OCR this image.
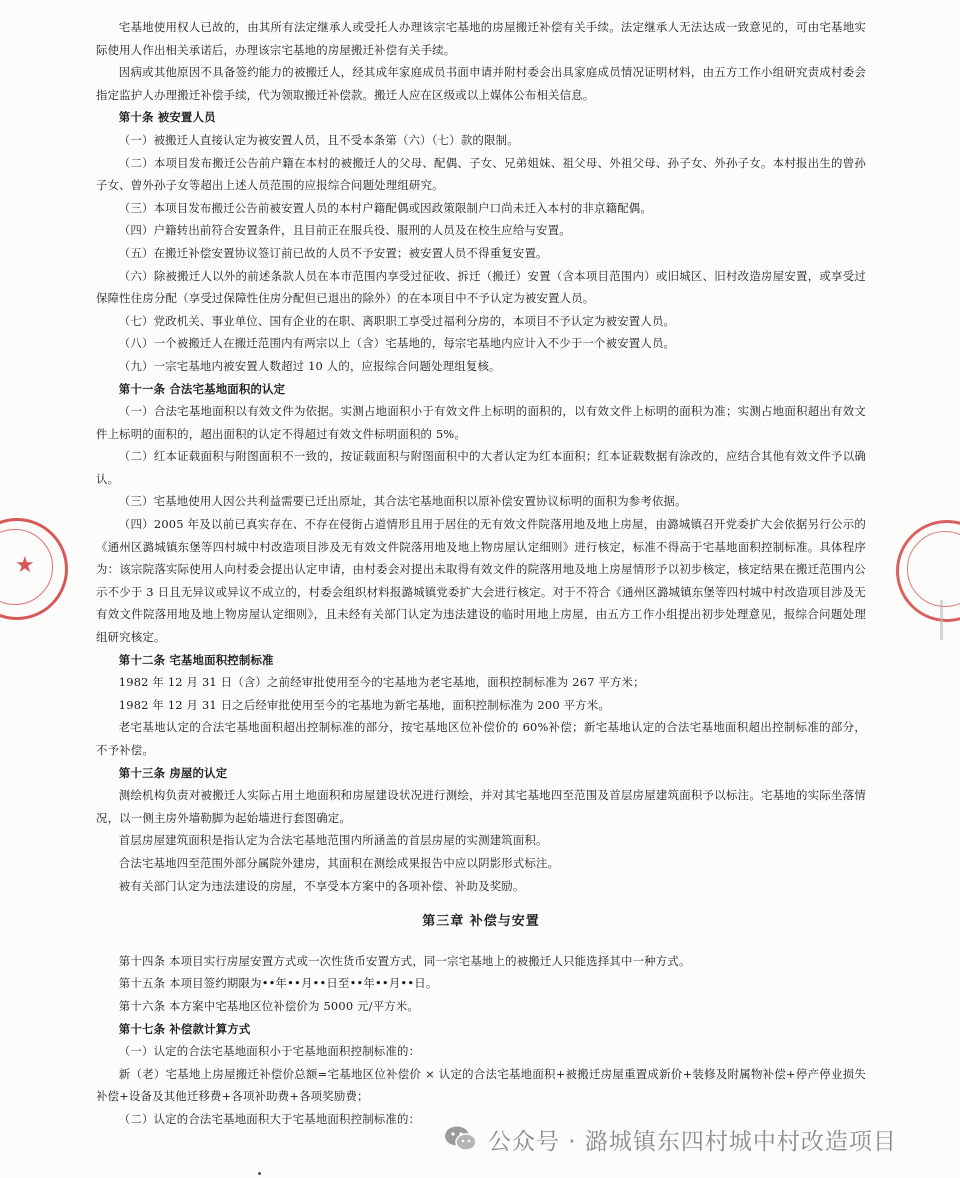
★

宅基地使用权人已故的，由其所有法定继承人或受托人办理该宗宅基地的房屋搬迁补偿有关手续。法定继承人无法达成一致意见的，可由宅基地实际使用人作出相关承诺后，办理该宗宅基地的房屋搬迁补偿有关手续。

因病或其他原因不具备签约能力的被搬迁人，经其成年家庭成员书面申请并附村委会出具家庭成员情况证明材料，由五方工作小组研究责成村委会指定监护人办理搬迁补偿手续，代为领取搬迁补偿款。搬迁人应在区级或以上媒体公布相关信息。

第十条 被安置人员

（一）被搬迁人直接认定为被安置人员，且不受本条第（六）（七）款的限制。

（二）本项目发布搬迁公告前户籍在本村的被搬迁人的父母、配偶、子女、兄弟姐妹、祖父母、外祖父母、孙子女、外孙子女。本村报出生的曾孙子女、曾外孙子女等超出上述人员范围的应报综合问题处理组研究。

（三）本项目发布搬迁公告前被安置人员的本村户籍配偶或因政策限制户口尚未迁入本村的非京籍配偶。

（四）户籍转出前符合安置条件，且目前正在服兵役、服刑的人员及在校生应给与安置。

（五）在搬迁补偿安置协议签订前已故的人员不予安置；被安置人员不得重复安置。

（六）除被搬迁人以外的前述条款人员在本市范围内享受过征收、拆迁（搬迁）安置（含本项目范围内）或旧城区、旧村改造房屋安置，或享受过保障性住房分配（享受过保障性住房分配但已退出的除外）的在本项目中不予认定为被安置人员。

（七）党政机关、事业单位、国有企业的在职、离职职工享受过福利分房的，本项目不予认定为被安置人员。

（八）一个被搬迁人在搬迁范围内有两宗以上（含）宅基地的，每宗宅基地内应计入不少于一个被安置人员。

（九）一宗宅基地内被安置人数超过 10 人的，应报综合问题处理组复核。

第十一条 合法宅基地面积的认定

（一）合法宅基地面积以有效文件为依据。实测占地面积小于有效文件上标明的面积的，以有效文件上标明的面积为准；实测占地面积超出有效文件上标明的面积的，超出面积的认定不得超过有效文件标明面积的 5%。

（二）红本证载面积与附图面积不一致的，按证载面积与附图面积中的大者认定为红本面积；红本证载数据有涂改的，应结合其他有效文件予以确认。

（三）宅基地使用人因公共利益需要已迁出原址，其合法宅基地面积以原补偿安置协议标明的面积为参考依据。

（四）2005 年及以前已真实存在、不存在侵街占道情形且用于居住的无有效文件院落用地及地上房屋，由潞城镇召开党委扩大会依据另行公示的《通州区潞城镇东堡等四村城中村改造项目涉及无有效文件院落用地及地上物房屋认定细则》进行核定，标准不得高于宅基地面积控制标准。具体程序为：该宗院落实际使用人向村委会提出认定申请，由村委会对提出未取得有效文件的院落用地及地上房屋情形予以初步核定，核定结果在搬迁范围内公示不少于 3 日且无异议或异议不成立的，村委会组织材料报潞城镇党委扩大会进行核定。对于不符合《通州区潞城镇东堡等四村城中村改造项目涉及无有效文件院落用地及地上物房屋认定细则》，且未经有关部门认定为违法建设的临时用地上房屋，由五方工作小组提出初步处理意见，报综合问题处理组研究核定。

第十二条 宅基地面积控制标准

1982 年 12 月 31 日（含）之前经审批使用至今的宅基地为老宅基地，面积控制标准为 267 平方米；

1982 年 12 月 31 日之后经审批使用至今的宅基地为新宅基地，面积控制标准为 200 平方米。

老宅基地认定的合法宅基地面积超出控制标准的部分，按宅基地区位补偿价的 60%补偿；新宅基地认定的合法宅基地面积超出控制标准的部分，不予补偿。

第十三条 房屋的认定

测绘机构负责对被搬迁人实际占用土地面积和房屋建设状况进行测绘，并对其宅基地四至范围及首层房屋建筑面积予以标注。宅基地的实际坐落情况，以一侧主房外墙勒脚为起始墙进行套图确定。

首层房屋建筑面积是指认定为合法宅基地范围内所涵盖的首层房屋的实测建筑面积。

合法宅基地四至范围外部分属院外建房，其面积在测绘成果报告中应以阴影形式标注。

被有关部门认定为违法建设的房屋，不享受本方案中的各项补偿、补助及奖励。

第三章 补偿与安置

第十四条 本项目实行房屋安置方式或一次性货币安置方式，同一宗宅基地上的被搬迁人只能选择其中一种方式。

第十五条 本项目签约期限为••年••月••日至••年••月••日。

第十六条 本方案中宅基地区位补偿价为 5000 元/平方米。

第十七条 补偿款计算方式

（一）认定的合法宅基地面积小于宅基地面积控制标准的：

新（老）宅基地上房屋搬迁补偿价总额=宅基地区位补偿价 × 认定的合法宅基地面积+被搬迁房屋重置成新价+装修及附属物补偿+停产停业损失补偿+设备及其他迁移费+各项补助费+各项奖励费；

（二）认定的合法宅基地面积大于宅基地面积控制标准的：

公众号 · 潞城镇东四村城中村改造项目
